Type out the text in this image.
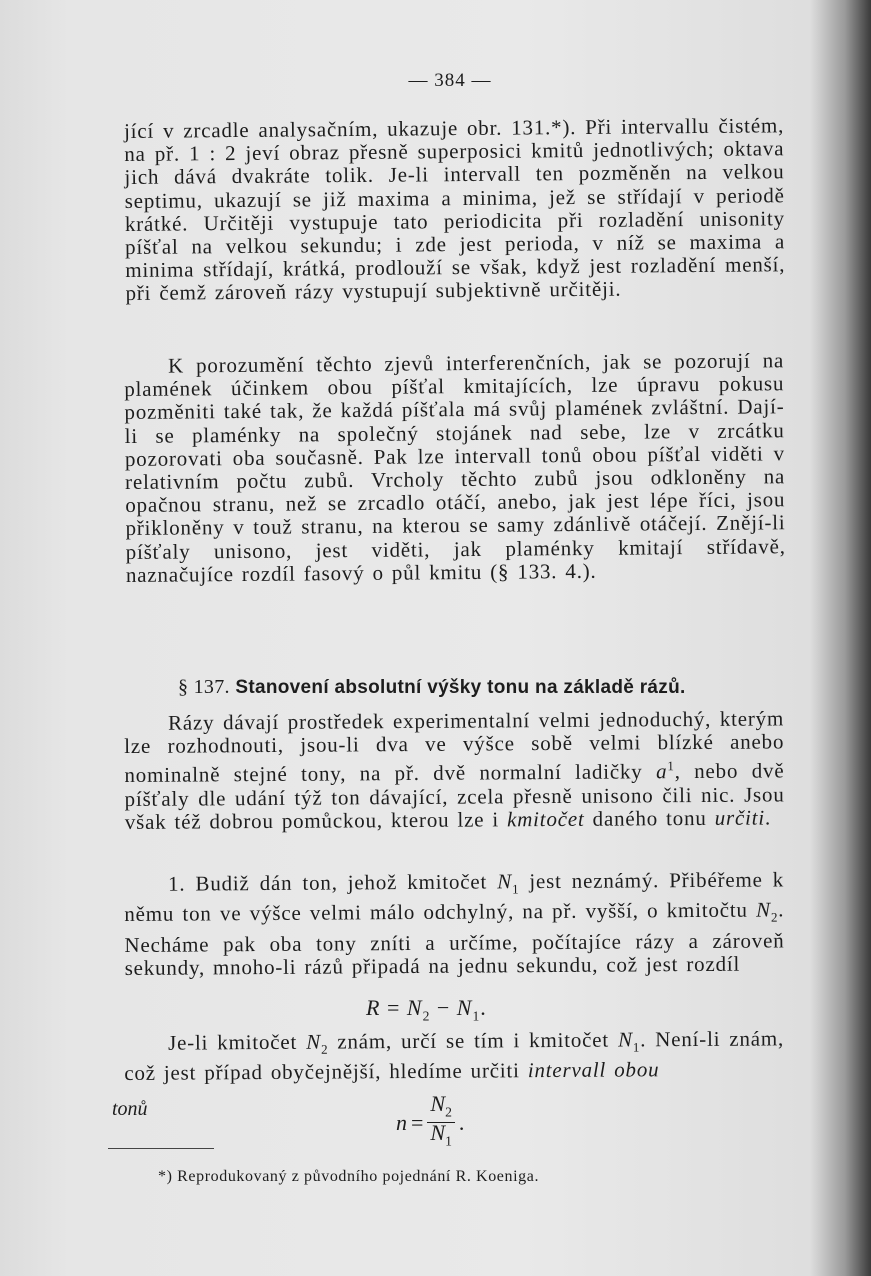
— 384 —

jící v zrcadle analysačním, ukazuje obr. 131.*). Při intervallu čistém, na př. 1 : 2 jeví obraz přesně superposici kmitů jednotlivých; oktava jich dává dvakráte tolik. Je-li intervall ten pozměněn na velkou septimu, ukazují se již maxima a minima, jež se střídají v periodě krátké. Určitěji vystupuje tato periodicita při rozladění unisonity píšťal na velkou sekundu; i zde jest perioda, v níž se maxima a minima střídají, krátká, prodlouží se však, když jest rozladění menší, při čemž zároveň rázy vystupují subjektivně určitěji.

K porozumění těchto zjevů interferenčních, jak se pozorují na plamének účinkem obou píšťal kmitajících, lze úpravu pokusu pozměniti také tak, že každá píšťala má svůj plamének zvláštní. Dají-li se plaménky na společný stojánek nad sebe, lze v zrcátku pozorovati oba současně. Pak lze intervall tonů obou píšťal viděti v relativním počtu zubů. Vrcholy těchto zubů jsou odkloněny na opačnou stranu, než se zrcadlo otáčí, anebo, jak jest lépe říci, jsou přikloněny v touž stranu, na kterou se samy zdánlivě otáčejí. Znějí-li píšťaly unisono, jest viděti, jak plaménky kmitají střídavě, naznačujíce rozdíl fasový o půl kmitu (§ 133. 4.).

§ 137. Stanovení absolutní výšky tonu na základě rázů.

Rázy dávají prostředek experimentalní velmi jednoduchý, kterým lze rozhodnouti, jsou-li dva ve výšce sobě velmi blízké anebo nominalně stejné tony, na př. dvě normalní ladičky $a^1$, nebo dvě píšťaly dle udání týž ton dávající, zcela přesně unisono čili nic. Jsou však též dobrou pomůckou, kterou lze i kmitočet daného tonu určiti.

1. Budiž dán ton, jehož kmitočet $N_1$ jest neznámý. Přibéřeme k němu ton ve výšce velmi málo odchylný, na př. vyšší, o kmitočtu $N_2$. Necháme pak oba tony zníti a určíme, počítajíce rázy a zároveň sekundy, mnoho-li rázů připadá na jednu sekundu, což jest rozdíl

$R = N_2 - N_1$.

Je-li kmitočet $N_2$ znám, určí se tím i kmitočet $N_1$. Není-li znám, což jest případ obyčejnější, hledíme určiti intervall obou

tonů
$n = \frac{N_2}{N_1}$ .
*) Reprodukovaný z původního pojednání R. Koeniga.
